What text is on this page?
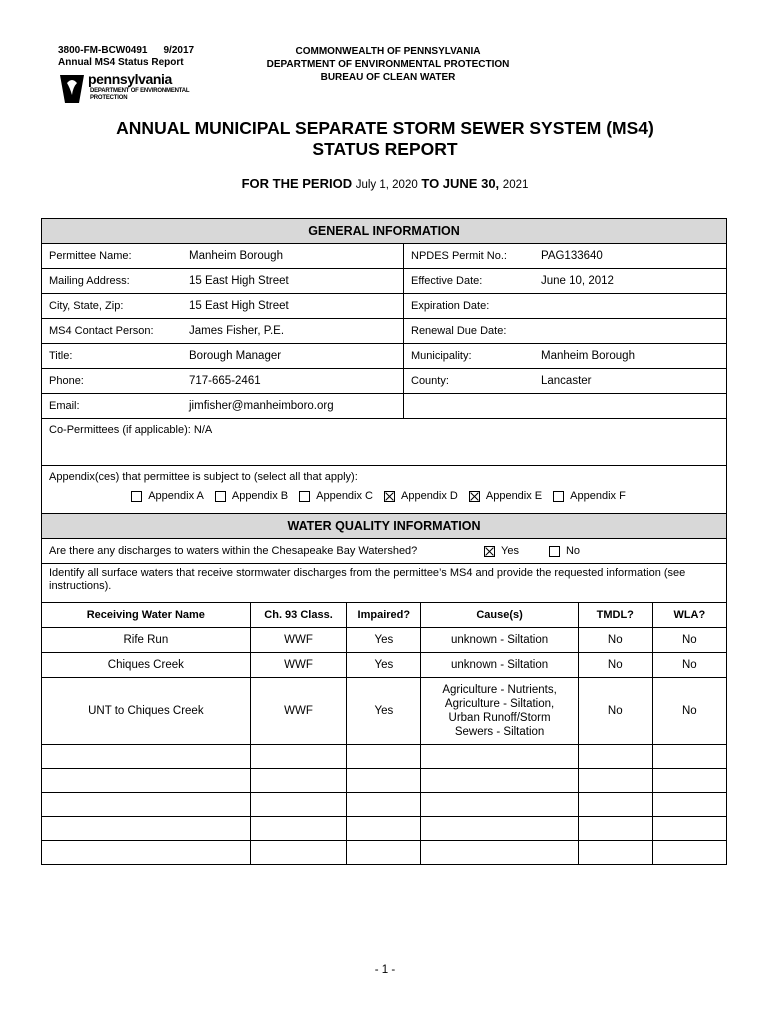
3800-FM-BCW0491 9/2017
Annual MS4 Status Report
pennsylvania
DEPARTMENT OF ENVIRONMENTAL
PROTECTION
COMMONWEALTH OF PENNSYLVANIA
DEPARTMENT OF ENVIRONMENTAL PROTECTION
BUREAU OF CLEAN WATER
ANNUAL MUNICIPAL SEPARATE STORM SEWER SYSTEM (MS4)
STATUS REPORT
FOR THE PERIOD July 1, 2020 TO JUNE 30, 2021
GENERAL INFORMATION
Permittee Name:	Manheim Borough	NPDES Permit No.:	PAG133640
Mailing Address:	15 East High Street	Effective Date:	June 10, 2012
City, State, Zip:	15 East High Street	Expiration Date:
MS4 Contact Person:	James Fisher, P.E.	Renewal Due Date:
Title:	Borough Manager	Municipality:	Manheim Borough
Phone:	717-665-2461	County:	Lancaster
Email:	jimfisher@manheimboro.org
Co-Permittees (if applicable): N/A
Appendix(ces) that permittee is subject to (select all that apply):
Appendix A	Appendix B	Appendix C	Appendix D	Appendix E	Appendix F
WATER QUALITY INFORMATION
Are there any discharges to waters within the Chesapeake Bay Watershed?	Yes	No
Identify all surface waters that receive stormwater discharges from the permittee’s MS4 and provide the requested information (see instructions).
Receiving Water Name	Ch. 93 Class.	Impaired?	Cause(s)	TMDL?	WLA?
Rife Run	WWF	Yes	unknown - Siltation	No	No
Chiques Creek	WWF	Yes	unknown - Siltation	No	No
UNT to Chiques Creek	WWF	Yes	Agriculture - Nutrients,
Agriculture - Siltation,
Urban Runoff/Storm
Sewers - Siltation	No	No

- 1 -
